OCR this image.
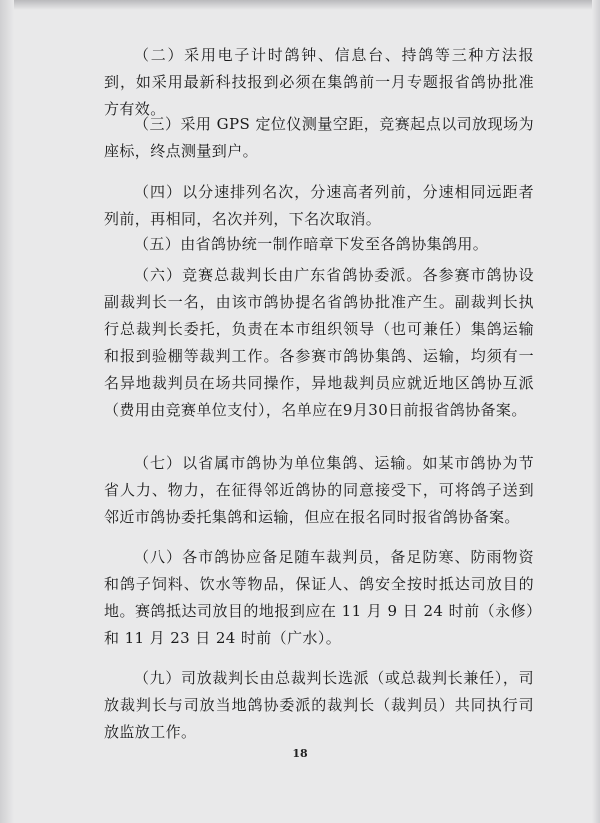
（二）采用电子计时鸽钟、信息台、持鸽等三种方法报到，如采用最新科技报到必须在集鸽前一月专题报省鸽协批准方有效。

（三）采用 GPS 定位仪测量空距，竞赛起点以司放现场为座标，终点测量到户。

（四）以分速排列名次，分速高者列前，分速相同远距者列前，再相同，名次并列，下名次取消。

（五）由省鸽协统一制作暗章下发至各鸽协集鸽用。

（六）竞赛总裁判长由广东省鸽协委派。各参赛市鸽协设副裁判长一名，由该市鸽协提名省鸽协批准产生。副裁判长执行总裁判长委托，负责在本市组织领导（也可兼任）集鸽运输和报到验棚等裁判工作。各参赛市鸽协集鸽、运输，均须有一名异地裁判员在场共同操作，异地裁判员应就近地区鸽协互派（费用由竞赛单位支付），名单应在9月30日前报省鸽协备案。

（七）以省属市鸽协为单位集鸽、运输。如某市鸽协为节省人力、物力，在征得邻近鸽协的同意接受下，可将鸽子送到邻近市鸽协委托集鸽和运输，但应在报名同时报省鸽协备案。

（八）各市鸽协应备足随车裁判员，备足防寒、防雨物资和鸽子饲料、饮水等物品，保证人、鸽安全按时抵达司放目的地。赛鸽抵达司放目的地报到应在 11 月 9 日 24 时前（永修）和 11 月 23 日 24 时前（广水）。

（九）司放裁判长由总裁判长选派（或总裁判长兼任），司放裁判长与司放当地鸽协委派的裁判长（裁判员）共同执行司放监放工作。

18
